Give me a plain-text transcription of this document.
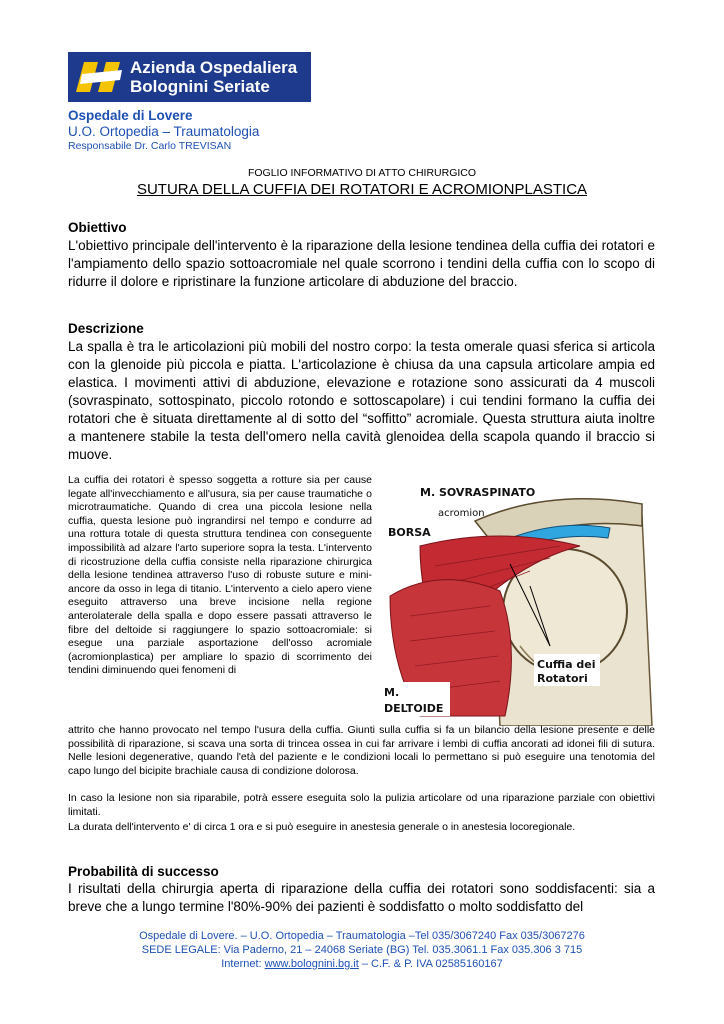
Azienda Ospedaliera
Bolognini Seriate
Ospedale di Lovere
U.O. Ortopedia – Traumatologia
Responsabile Dr. Carlo TREVISAN
FOGLIO INFORMATIVO DI ATTO CHIRURGICO
SUTURA DELLA CUFFIA DEI ROTATORI E ACROMIONPLASTICA
Obiettivo
L'obiettivo principale dell'intervento è la riparazione della lesione tendinea della cuffia dei rotatori e l'ampiamento dello spazio sottoacromiale nel quale scorrono i tendini della cuffia con lo scopo di ridurre il dolore e ripristinare la funzione articolare di abduzione del braccio.
Descrizione
La spalla è tra le articolazioni più mobili del nostro corpo: la testa omerale quasi sferica si articola con la glenoide più piccola e piatta. L'articolazione è chiusa da una capsula articolare ampia ed elastica. I movimenti attivi di abduzione, elevazione e rotazione sono assicurati da 4 muscoli (sovraspinato, sottospinato, piccolo rotondo e sottoscapolare) i cui tendini formano la cuffia dei rotatori che è situata direttamente al di sotto del “soffitto” acromiale. Questa struttura aiuta inoltre a mantenere stabile la testa dell'omero nella cavità glenoidea della scapola quando il braccio si muove.
La cuffia dei rotatori è spesso soggetta a rotture sia per cause legate all'invecchiamento e all'usura, sia per cause traumatiche o microtraumatiche. Quando di crea una piccola lesione nella cuffia, questa lesione può ingrandirsi nel tempo e condurre ad una rottura totale di questa struttura tendinea con conseguente impossibilità ad alzare l'arto superiore sopra la testa. L'intervento di ricostruzione della cuffia consiste nella riparazione chirurgica della lesione tendinea attraverso l'uso di robuste suture e mini-ancore da osso in lega di titanio. L'intervento a cielo apero viene eseguito attraverso una breve incisione nella regione anterolaterale della spalla e dopo essere passati attraverso le fibre del deltoide si raggiungere lo spazio sottoacromiale: si esegue una parziale asportazione dell'osso acromiale (acromionplastica) per ampliare lo spazio di scorrimento dei tendini diminuendo quei fenomeni di
M. SOVRASPINATO
acromion
BORSA
Cuffia dei
Rotatori
M.
DELTOIDE
attrito che hanno provocato nel tempo l'usura della cuffia. Giunti sulla cuffia si fa un bilancio della lesione presente e delle possibilità di riparazione, si scava una sorta di trincea ossea in cui far arrivare i lembi di cuffia ancorati ad idonei fili di sutura. Nelle lesioni degenerative, quando l'età del paziente e le condizioni locali lo permettano si può eseguire una tenotomia del capo lungo del bicipite brachiale causa di condizione dolorosa.
In caso la lesione non sia riparabile, potrà essere eseguita solo la pulizia articolare od una riparazione parziale con obiettivi limitati.
La durata dell'intervento e' di circa 1 ora e si può eseguire in anestesia generale o in anestesia locoregionale.
Probabilità di successo
I risultati della chirurgia aperta di riparazione della cuffia dei rotatori sono soddisfacenti: sia a breve che a lungo termine l'80%-90% dei pazienti è soddisfatto o molto soddisfatto del
Ospedale di Lovere. – U.O. Ortopedia – Traumatologia –Tel 035/3067240 Fax 035/3067276
SEDE LEGALE: Via Paderno, 21 – 24068 Seriate (BG) Tel. 035.3061.1 Fax 035.306 3 715
Internet: www.bolognini.bg.it – C.F. & P. IVA 02585160167
